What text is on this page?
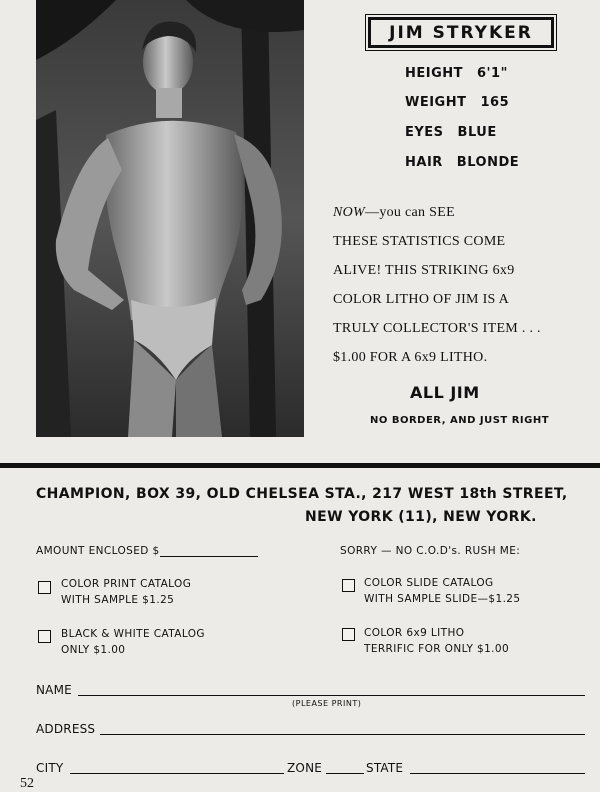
JIM STRYKER
HEIGHT 6'1"
WEIGHT 165
EYES BLUE
HAIR BLONDE
NOW—you can SEE
THESE STATISTICS COME
ALIVE! THIS STRIKING 6x9
COLOR LITHO OF JIM IS A
TRULY COLLECTOR'S ITEM . . .
$1.00 FOR A 6x9 LITHO.
ALL JIM
NO BORDER, AND JUST RIGHT
CHAMPION, BOX 39, OLD CHELSEA STA., 217 WEST 18th STREET,
NEW YORK (11), NEW YORK.
AMOUNT ENCLOSED $	SORRY — NO C.O.D's. RUSH ME:
COLOR PRINT CATALOG
WITH SAMPLE $1.25
COLOR SLIDE CATALOG
WITH SAMPLE SLIDE—$1.25
BLACK & WHITE CATALOG
ONLY $1.00
COLOR 6x9 LITHO
TERRIFIC FOR ONLY $1.00
NAME
(PLEASE PRINT)
ADDRESS
CITY	ZONE	STATE
52
